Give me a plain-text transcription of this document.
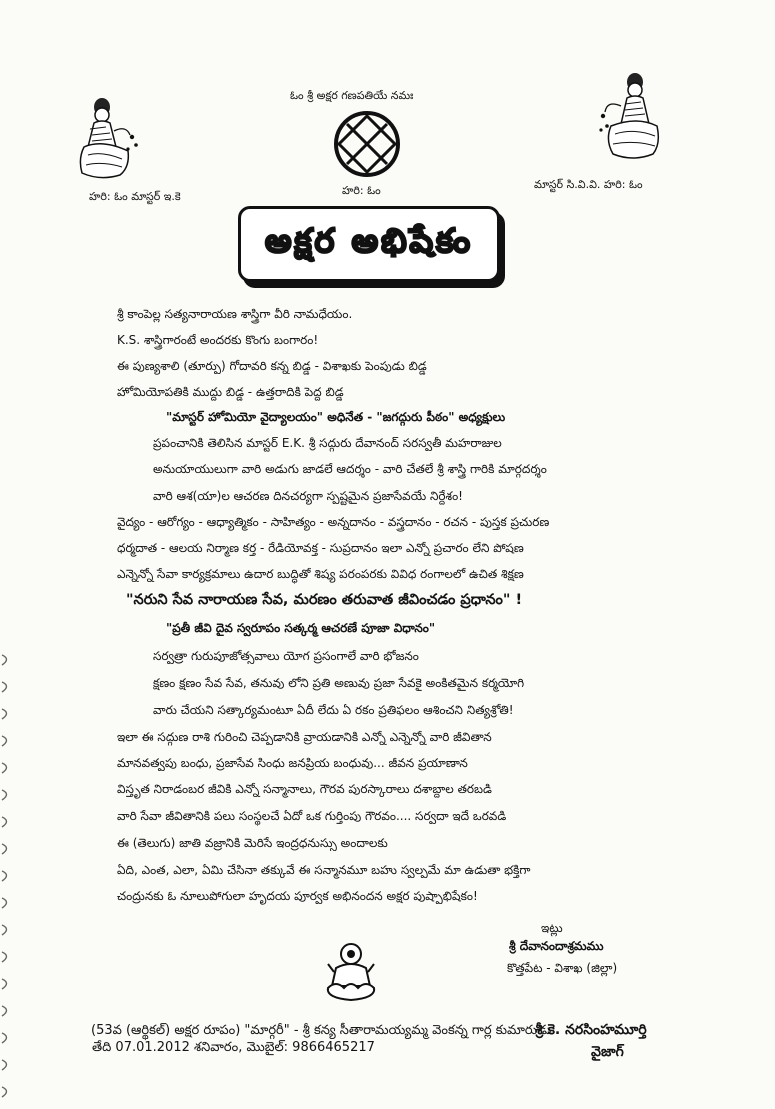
ఓం శ్రీ అక్షర గణపతియే నమః
హరి: ఓం మాస్టర్ ఇ.కె	హరి: ఓం	మాస్టర్ సి.వి.వి. హరి: ఓం
అక్షర అభిషేకం
శ్రీ కాంపెల్ల సత్యనారాయణ శాస్త్రిగా వీరి నామధేయం.
K.S. శాస్త్రిగారంటే అందరకు కొంగు బంగారం!
ఈ పుణ్యశాలి (తూర్పు) గోదావరి కన్న బిడ్డ - విశాఖకు పెంపుడు బిడ్డ
హోమియోపతికి ముద్దు బిడ్డ - ఉత్తరాదికి పెద్ద బిడ్డ
"మాస్టర్ హోమియో వైద్యాలయం" అధినేత - "జగద్గురు పీఠం" అధ్యక్షులు
ప్రపంచానికి తెలిసిన మాస్టర్ E.K. శ్రీ సద్గురు దేవానంద్ సరస్వతీ మహరాజుల
అనుయాయులుగా వారి అడుగు జాడలే ఆదర్శం - వారి చేతలే శ్రీ శాస్త్రి గారికి మార్గదర్శం
వారి ఆశ(యా)ల ఆచరణ దినచర్యగా స్పష్టమైన ప్రజాసేవయే నిర్దేశం!
వైద్యం - ఆరోగ్యం - ఆధ్యాత్మికం - సాహిత్యం - అన్నదానం - వస్త్రదానం - రచన - పుస్తక ప్రచురణ
ధర్మదాత - ఆలయ నిర్మాణ కర్త - రేడియోవక్త - సుప్రదానం ఇలా ఎన్నో ప్రచారం లేని పోషణ
ఎన్నెన్నో సేవా కార్యక్రమాలు ఉదార బుద్ధితో శిష్య పరంపరకు వివిధ రంగాలలో ఉచిత శిక్షణ
"నరుని సేవ నారాయణ సేవ, మరణం తరువాత జీవించడం ప్రధానం" !
"ప్రతీ జీవి దైవ స్వరూపం సత్కర్మ ఆచరణే పూజా విధానం"
సర్వత్రా గురుపూజోత్సవాలు యోగ ప్రసంగాలే వారి భోజనం
క్షణం క్షణం సేవ సేవ, తనువు లోని ప్రతి అణువు ప్రజా సేవకై అంకితమైన కర్మయోగి
వారు చేయని సత్కార్యమంటూ ఏదీ లేదు ఏ రకం ప్రతిఫలం ఆశించని నిత్యశ్రోతి!
ఇలా ఈ సద్గుణ రాశి గురించి చెప్పడానికి వ్రాయడానికి ఎన్నో ఎన్నెన్నో వారి జీవితాన
మానవత్వపు బంధు, ప్రజాసేవ సింధు జనప్రియ బంధువు... జీవన ప్రయాణాన
విస్తృత నిరాడంబర జీవికి ఎన్నో సన్మానాలు, గౌరవ పురస్కారాలు దశాబ్దాల తరబడి
వారి సేవా జీవితానికి పలు సంస్థలచే ఏదో ఒక గుర్తింపు గౌరవం.... సర్వదా ఇదే ఒరవడి
ఈ (తెలుగు) జాతి వజ్రానికి మెరిసే ఇంద్రధనుస్సు అందాలకు
ఏది, ఎంత, ఎలా, ఏమి చేసినా తక్కువే ఈ సన్మానమూ బహు స్వల్పమే మా ఉడుతా భక్తిగా
చంద్రునకు ఓ నూలుపోగులా హృదయ పూర్వక అభినందన అక్షర పుష్పాభిషేకం!
ఇట్లు
శ్రీ దేవానందాశ్రమము
కొత్తపేట - విశాఖ (జిల్లా)
(53వ (ఆర్థికల్) అక్షర రూపం) "మార్గరీ" - శ్రీ కన్య సీతారామయ్యమ్మ వెంకన్న గార్ల కుమారుడు
శ్రీ కె. నరసింహమూర్తి
తేది 07.01.2012 శనివారం, మొబైల్: 9866465217	వైజాగ్
